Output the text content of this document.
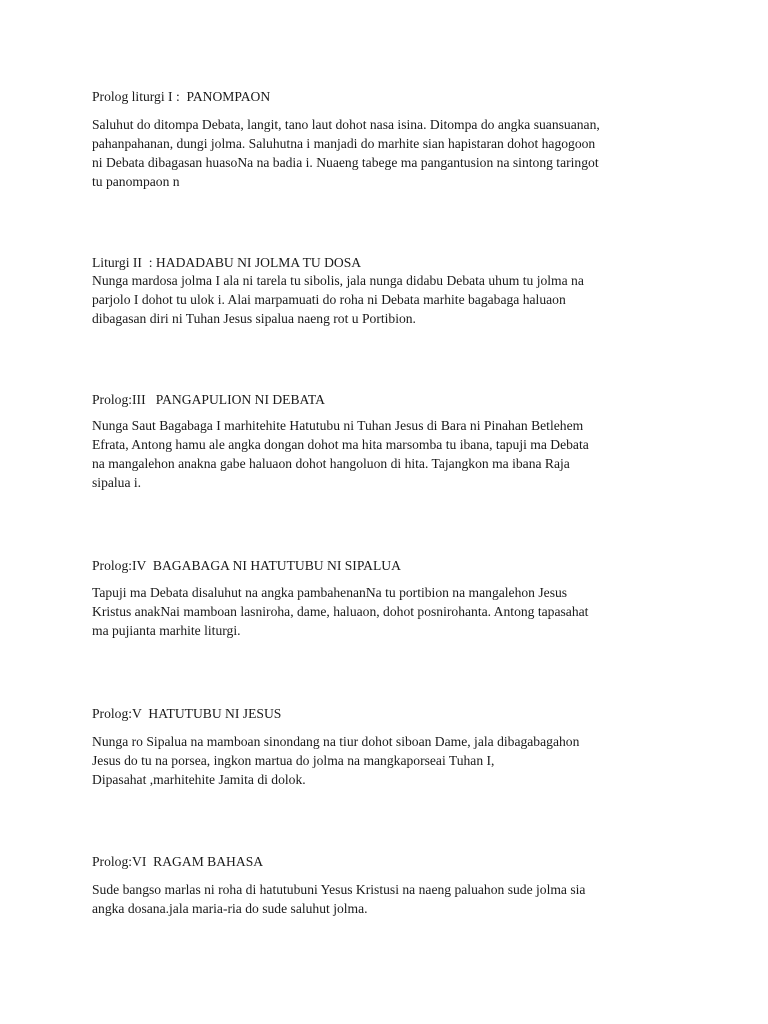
Prolog liturgi I :  PANOMPAON
Saluhut do ditompa Debata, langit, tano laut dohot nasa isina. Ditompa do angka suansuanan,
pahanpahanan, dungi jolma. Saluhutna i manjadi do marhite sian hapistaran dohot hagogoon
ni Debata dibagasan huasoNa na badia i. Nuaeng tabege ma pangantusion na sintong taringot
tu panompaon n
Liturgi II  : HADADABU NI JOLMA TU DOSA
Nunga mardosa jolma I ala ni tarela tu sibolis, jala nunga didabu Debata uhum tu jolma na
parjolo I dohot tu ulok i. Alai marpamuati do roha ni Debata marhite bagabaga haluaon
dibagasan diri ni Tuhan Jesus sipalua naeng rot u Portibion.
Prolog:III   PANGAPULION NI DEBATA
Nunga Saut Bagabaga I marhitehite Hatutubu ni Tuhan Jesus di Bara ni Pinahan Betlehem
Efrata, Antong hamu ale angka dongan dohot ma hita marsomba tu ibana, tapuji ma Debata
na mangalehon anakna gabe haluaon dohot hangoluon di hita. Tajangkon ma ibana Raja
sipalua i.
Prolog:IV  BAGABAGA NI HATUTUBU NI SIPALUA
Tapuji ma Debata disaluhut na angka pambahenanNa tu portibion na mangalehon Jesus
Kristus anakNai mamboan lasniroha, dame, haluaon, dohot posnirohanta. Antong tapasahat
ma pujianta marhite liturgi.
Prolog:V  HATUTUBU NI JESUS
Nunga ro Sipalua na mamboan sinondang na tiur dohot siboan Dame, jala dibagabagahon
Jesus do tu na porsea, ingkon martua do jolma na mangkaporseai Tuhan I,
Dipasahat ,marhitehite Jamita di dolok.
Prolog:VI  RAGAM BAHASA
Sude bangso marlas ni roha di hatutubuni Yesus Kristusi na naeng paluahon sude jolma sia
angka dosana.jala maria-ria do sude saluhut jolma.
